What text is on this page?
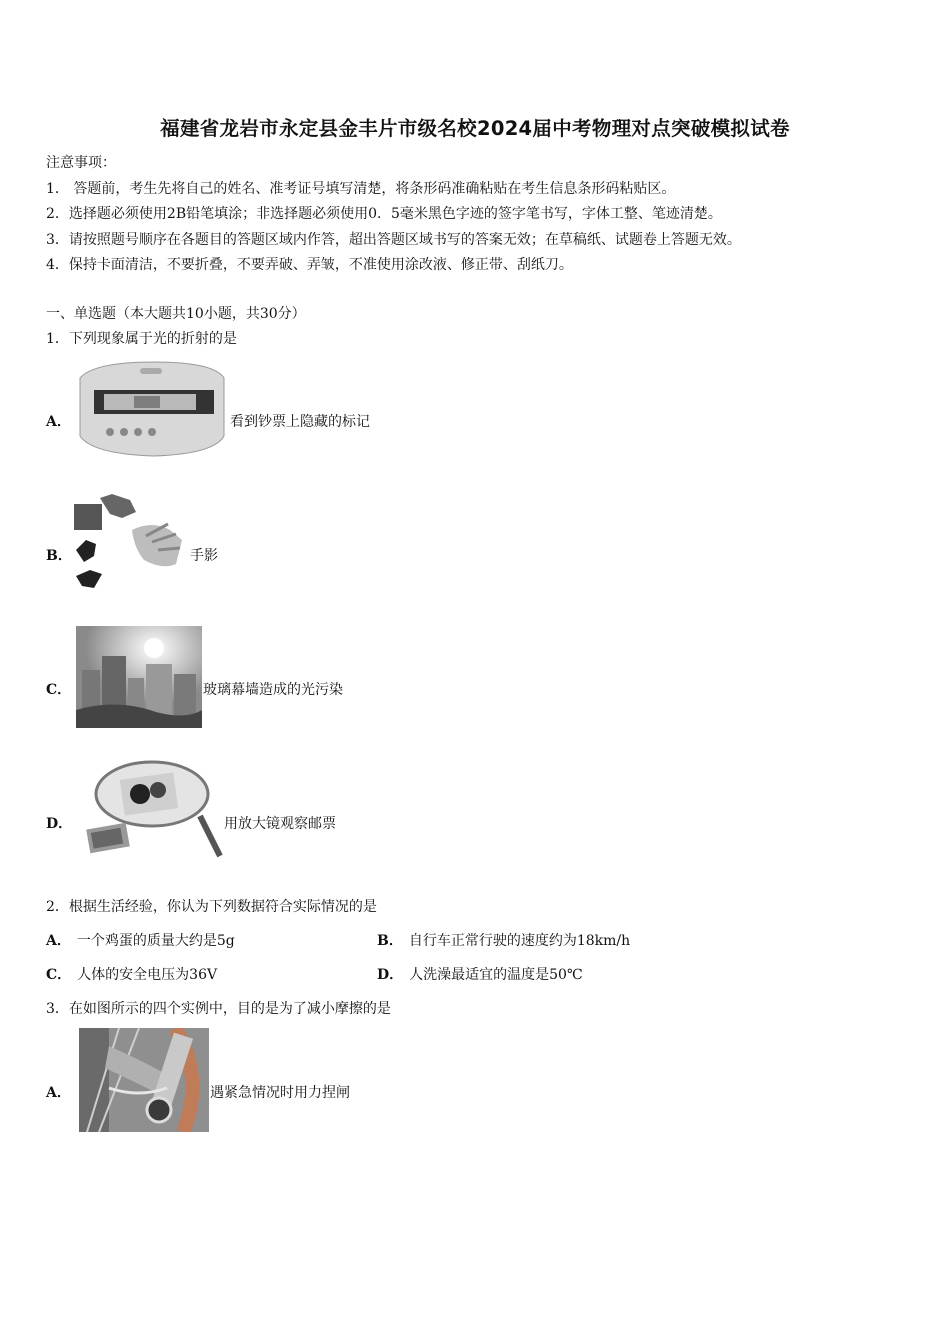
福建省龙岩市永定县金丰片市级名校2024届中考物理对点突破模拟试卷
注意事项：
1． 答题前，考生先将自己的姓名、准考证号填写清楚，将条形码准确粘贴在考生信息条形码粘贴区。
2．选择题必须使用2B铅笔填涂；非选择题必须使用0．5毫米黑色字迹的签字笔书写，字体工整、笔迹清楚。
3．请按照题号顺序在各题目的答题区域内作答，超出答题区域书写的答案无效；在草稿纸、试题卷上答题无效。
4．保持卡面清洁，不要折叠，不要弄破、弄皱，不准使用涂改液、修正带、刮纸刀。
一、单选题（本大题共10小题，共30分）
1．下列现象属于光的折射的是
A．	看到钞票上隐藏的标记
B．	手影
C．	玻璃幕墙造成的光污染
D．	用放大镜观察邮票
2．根据生活经验，你认为下列数据符合实际情况的是
A． 一个鸡蛋的质量大约是5g	B． 自行车正常行驶的速度约为18km/h
C． 人体的安全电压为36V	D． 人洗澡最适宜的温度是50℃
3．在如图所示的四个实例中，目的是为了减小摩擦的是
A．	遇紧急情况时用力捏闸
